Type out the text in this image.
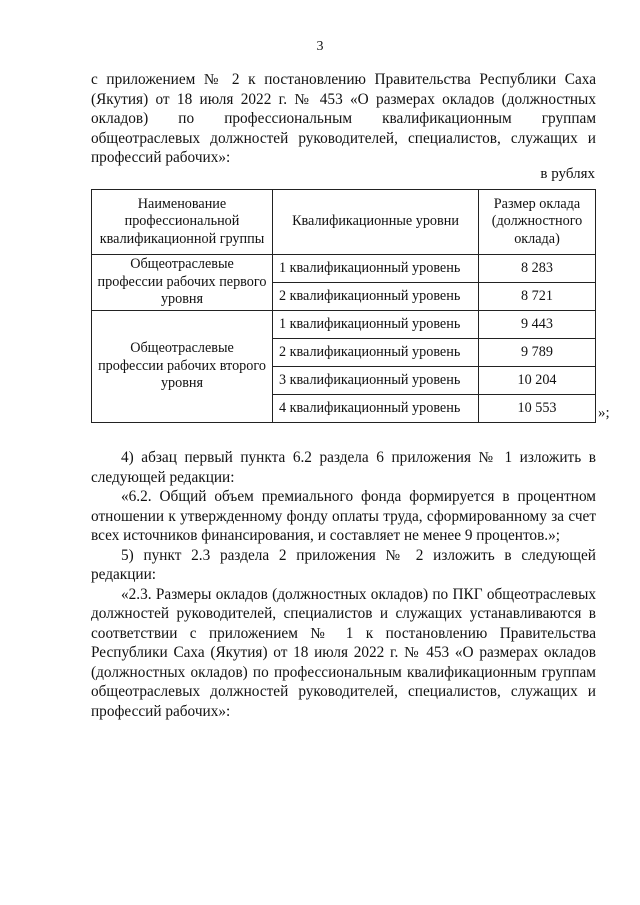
3

с приложением № 2 к постановлению Правительства Республики Саха (Якутия) от 18 июля 2022 г. № 453 «О размерах окладов (должностных окладов) по профессиональным квалификационным группам общеотраслевых должностей руководителей, специалистов, служащих и профессий рабочих»:

в рублях
Наименование профессиональной квалификационной группы	Квалификационные уровни	Размер оклада (должностного оклада)
Общеотраслевые профессии рабочих первого уровня	1 квалификационный уровень	8 283
	2 квалификационный уровень	8 721
Общеотраслевые профессии рабочих второго уровня	1 квалификационный уровень	9 443
	2 квалификационный уровень	9 789
	3 квалификационный уровень	10 204
	4 квалификационный уровень	10 553	»;

4) абзац первый пункта 6.2 раздела 6 приложения № 1 изложить в следующей редакции:

«6.2. Общий объем премиального фонда формируется в процентном отношении к утвержденному фонду оплаты труда, сформированному за счет всех источников финансирования, и составляет не менее 9 процентов.»;

5) пункт 2.3 раздела 2 приложения № 2 изложить в следующей редакции:

«2.3. Размеры окладов (должностных окладов) по ПКГ общеотраслевых должностей руководителей, специалистов и служащих устанавливаются в соответствии с приложением № 1 к постановлению Правительства Республики Саха (Якутия) от 18 июля 2022 г. № 453 «О размерах окладов (должностных окладов) по профессиональным квалификационным группам общеотраслевых должностей руководителей, специалистов, служащих и профессий рабочих»:
